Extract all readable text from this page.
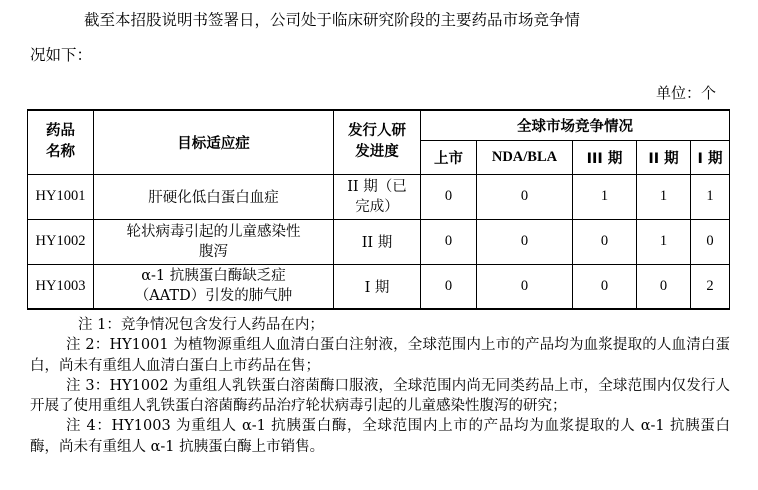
截至本招股说明书签署日，公司处于临床研究阶段的主要药品市场竞争情
况如下：
单位：个
药品名称	目标适应症	发行人研发进度	全球市场竞争情况				
			上市	NDA/BLA	III 期	II 期	I 期
HY1001	肝硬化低白蛋白血症	II 期（已完成）	0	0	1	1	1
HY1002	轮状病毒引起的儿童感染性腹泻	II 期	0	0	0	1	0
HY1003	α-1 抗胰蛋白酶缺乏症（AATD）引发的肺气肿	I 期	0	0	0	0	2

注 1：竞争情况包含发行人药品在内；

注 2：HY1001 为植物源重组人血清白蛋白注射液，全球范围内上市的产品均为血浆提取的人血清白蛋白，尚未有重组人血清白蛋白上市药品在售；

注 3：HY1002 为重组人乳铁蛋白溶菌酶口服液，全球范围内尚无同类药品上市，全球范围内仅发行人开展了使用重组人乳铁蛋白溶菌酶药品治疗轮状病毒引起的儿童感染性腹泻的研究；

注 4：HY1003 为重组人 α-1 抗胰蛋白酶，全球范围内上市的产品均为血浆提取的人 α-1 抗胰蛋白酶，尚未有重组人 α-1 抗胰蛋白酶上市销售。
